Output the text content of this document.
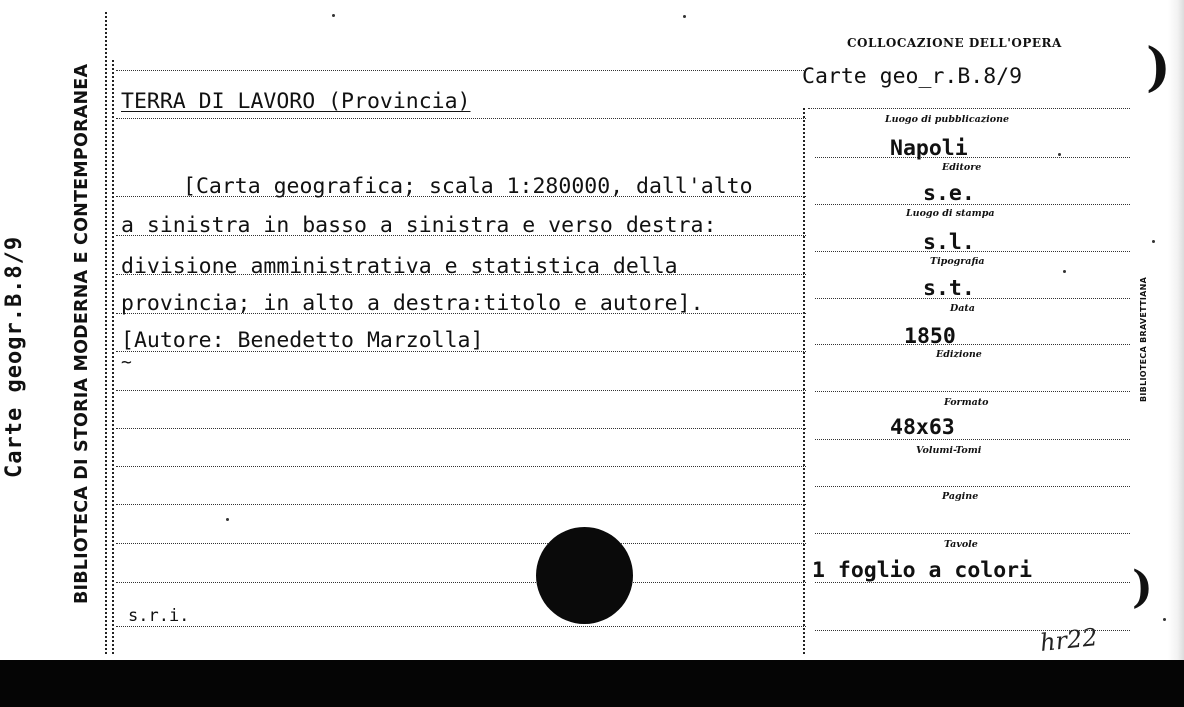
Carte geogr.B.8/9	BIBLIOTECA DI STORIA MODERNA E CONTEMPORANEA	BIBLIOTECA BRAVETTIANA
COLLOCAZIONE DELL'OPERA
Carte geo_r.B.8/9 )
TERRA DI LAVORO (Provincia)
[Carta geografica; scala 1:280000, dall'alto
a sinistra in basso a sinistra e verso destra:
divisione amministrativa e statistica della
provincia; in alto a destra:titolo e autore].
[Autore: Benedetto Marzolla]
~
s.r.i.
Luogo di pubblicazione
Napoli
Editore
s.e.
Luogo di stampa
s.l.
Tipografia
s.t.
Data
1850
Edizione
Formato
48x63
Volumi-Tomi
Pagine
Tavole
1 foglio a colori )
hr22
